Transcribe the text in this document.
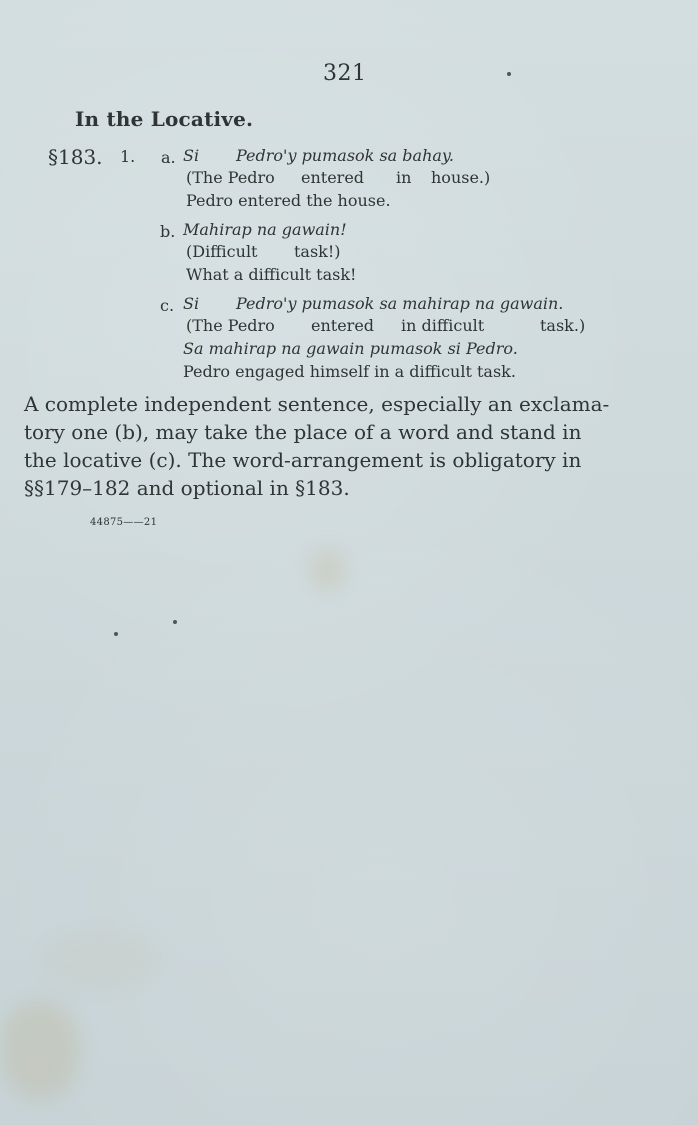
321
In the Locative.
§183. 1. a. Si Pedro'y pumasok sa bahay.
(The Pedro entered in house.)
Pedro entered the house.
b. Mahirap na gawain!
(Difficult task!)
What a difficult task!
c. Si Pedro'y pumasok sa mahirap na gawain.
(The Pedro entered in difficult	task.)
Sa mahirap na gawain pumasok si Pedro.
Pedro engaged himself in a difficult task.
A complete independent sentence, especially an exclama-
tory one (b), may take the place of a word and stand in
the locative (c). The word-arrangement is obligatory in
§§179–182 and optional in §183.
44875——21
